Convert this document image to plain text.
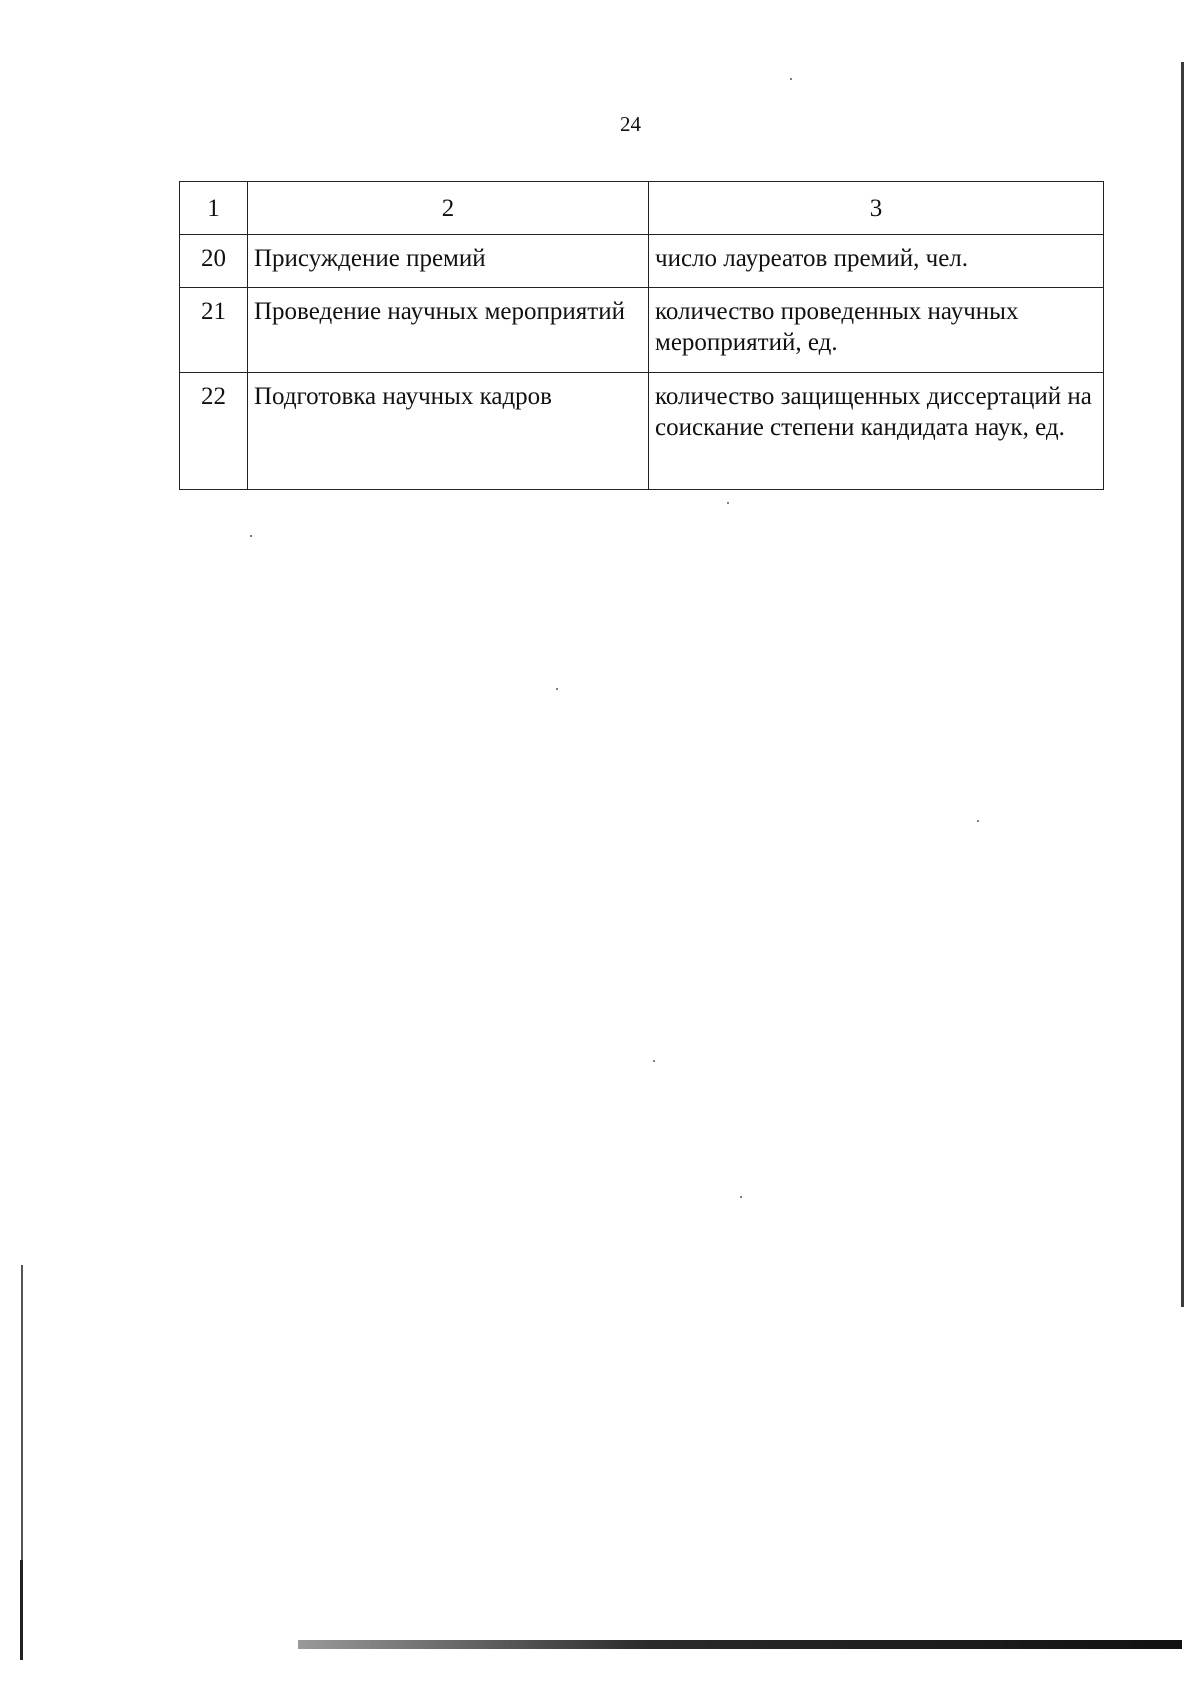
24
1	2	3
20	Присуждение премий	число лауреатов премий, чел.
21	Проведение научных мероприятий	количество проведенных научных мероприятий, ед.
22	Подготовка научных кадров	количество защищенных диссертаций на соискание степени кандидата наук, ед.
